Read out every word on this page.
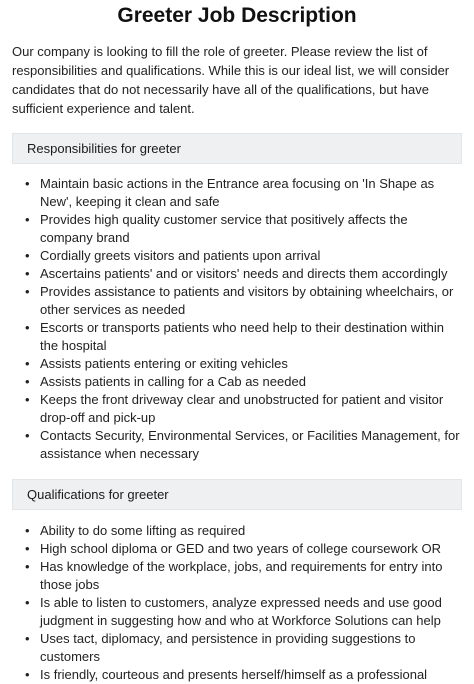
Greeter Job Description

Our company is looking to fill the role of greeter. Please review the list of responsibilities and qualifications. While this is our ideal list, we will consider candidates that do not necessarily have all of the qualifications, but have sufficient experience and talent.

Responsibilities for greeter
• Maintain basic actions in the Entrance area focusing on 'In Shape as New', keeping it clean and safe
• Provides high quality customer service that positively affects the company brand
• Cordially greets visitors and patients upon arrival
• Ascertains patients' and or visitors' needs and directs them accordingly
• Provides assistance to patients and visitors by obtaining wheelchairs, or other services as needed
• Escorts or transports patients who need help to their destination within the hospital
• Assists patients entering or exiting vehicles
• Assists patients in calling for a Cab as needed
• Keeps the front driveway clear and unobstructed for patient and visitor drop-off and pick-up
• Contacts Security, Environmental Services, or Facilities Management, for assistance when necessary
Qualifications for greeter
• Ability to do some lifting as required
• High school diploma or GED and two years of college coursework OR
• Has knowledge of the workplace, jobs, and requirements for entry into those jobs
• Is able to listen to customers, analyze expressed needs and use good judgment in suggesting how and who at Workforce Solutions can help
• Uses tact, diplomacy, and persistence in providing suggestions to customers
• Is friendly, courteous and presents herself/himself as a professional
